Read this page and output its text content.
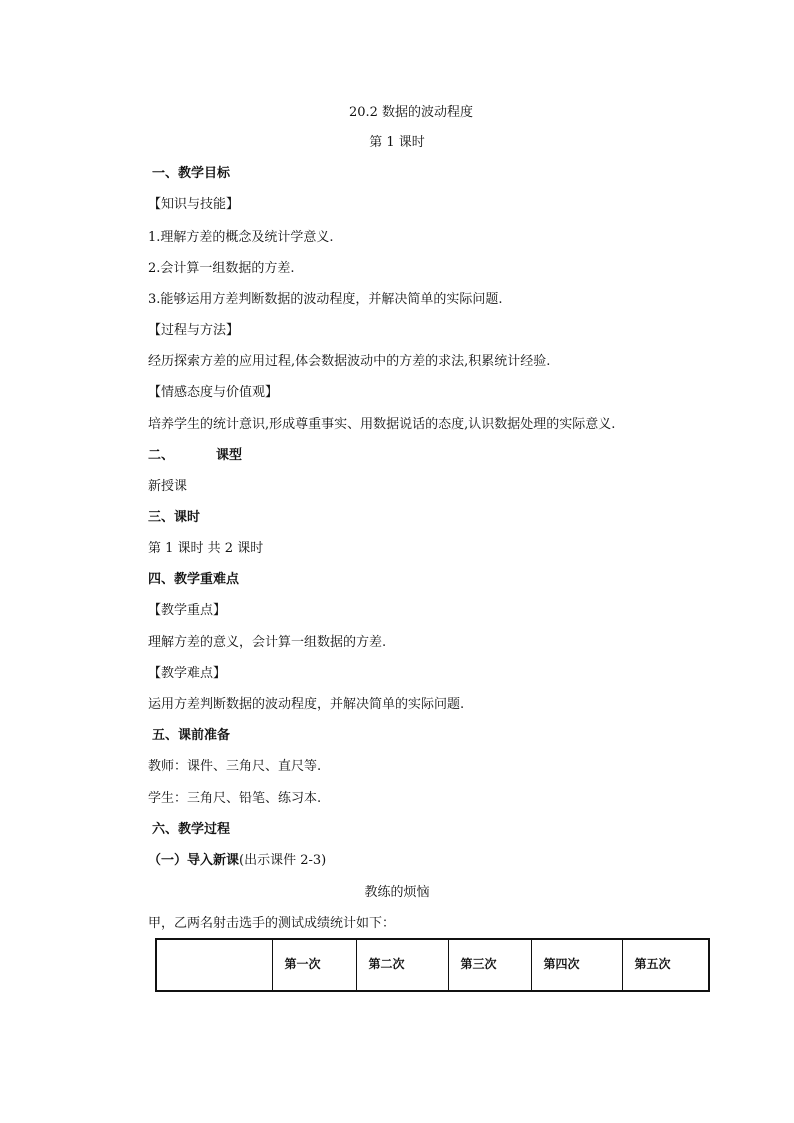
20.2 数据的波动程度
第 1 课时
一、教学目标
【知识与技能】
1.理解方差的概念及统计学意义.
2.会计算一组数据的方差.
3.能够运用方差判断数据的波动程度，并解决简单的实际问题.
【过程与方法】
经历探索方差的应用过程,体会数据波动中的方差的求法,积累统计经验.
【情感态度与价值观】
培养学生的统计意识,形成尊重事实、用数据说话的态度,认识数据处理的实际意义.
二、	课型
新授课
三、课时
第 1 课时 共 2 课时
四、教学重难点
【教学重点】
理解方差的意义，会计算一组数据的方差.
【教学难点】
运用方差判断数据的波动程度，并解决简单的实际问题.
五、课前准备
教师：课件、三角尺、直尺等.
学生：三角尺、铅笔、练习本.
六、教学过程
（一）导入新课(出示课件 2-3)
教练的烦恼
甲，乙两名射击选手的测试成绩统计如下：

第一次	第二次	第三次	第四次	第五次
